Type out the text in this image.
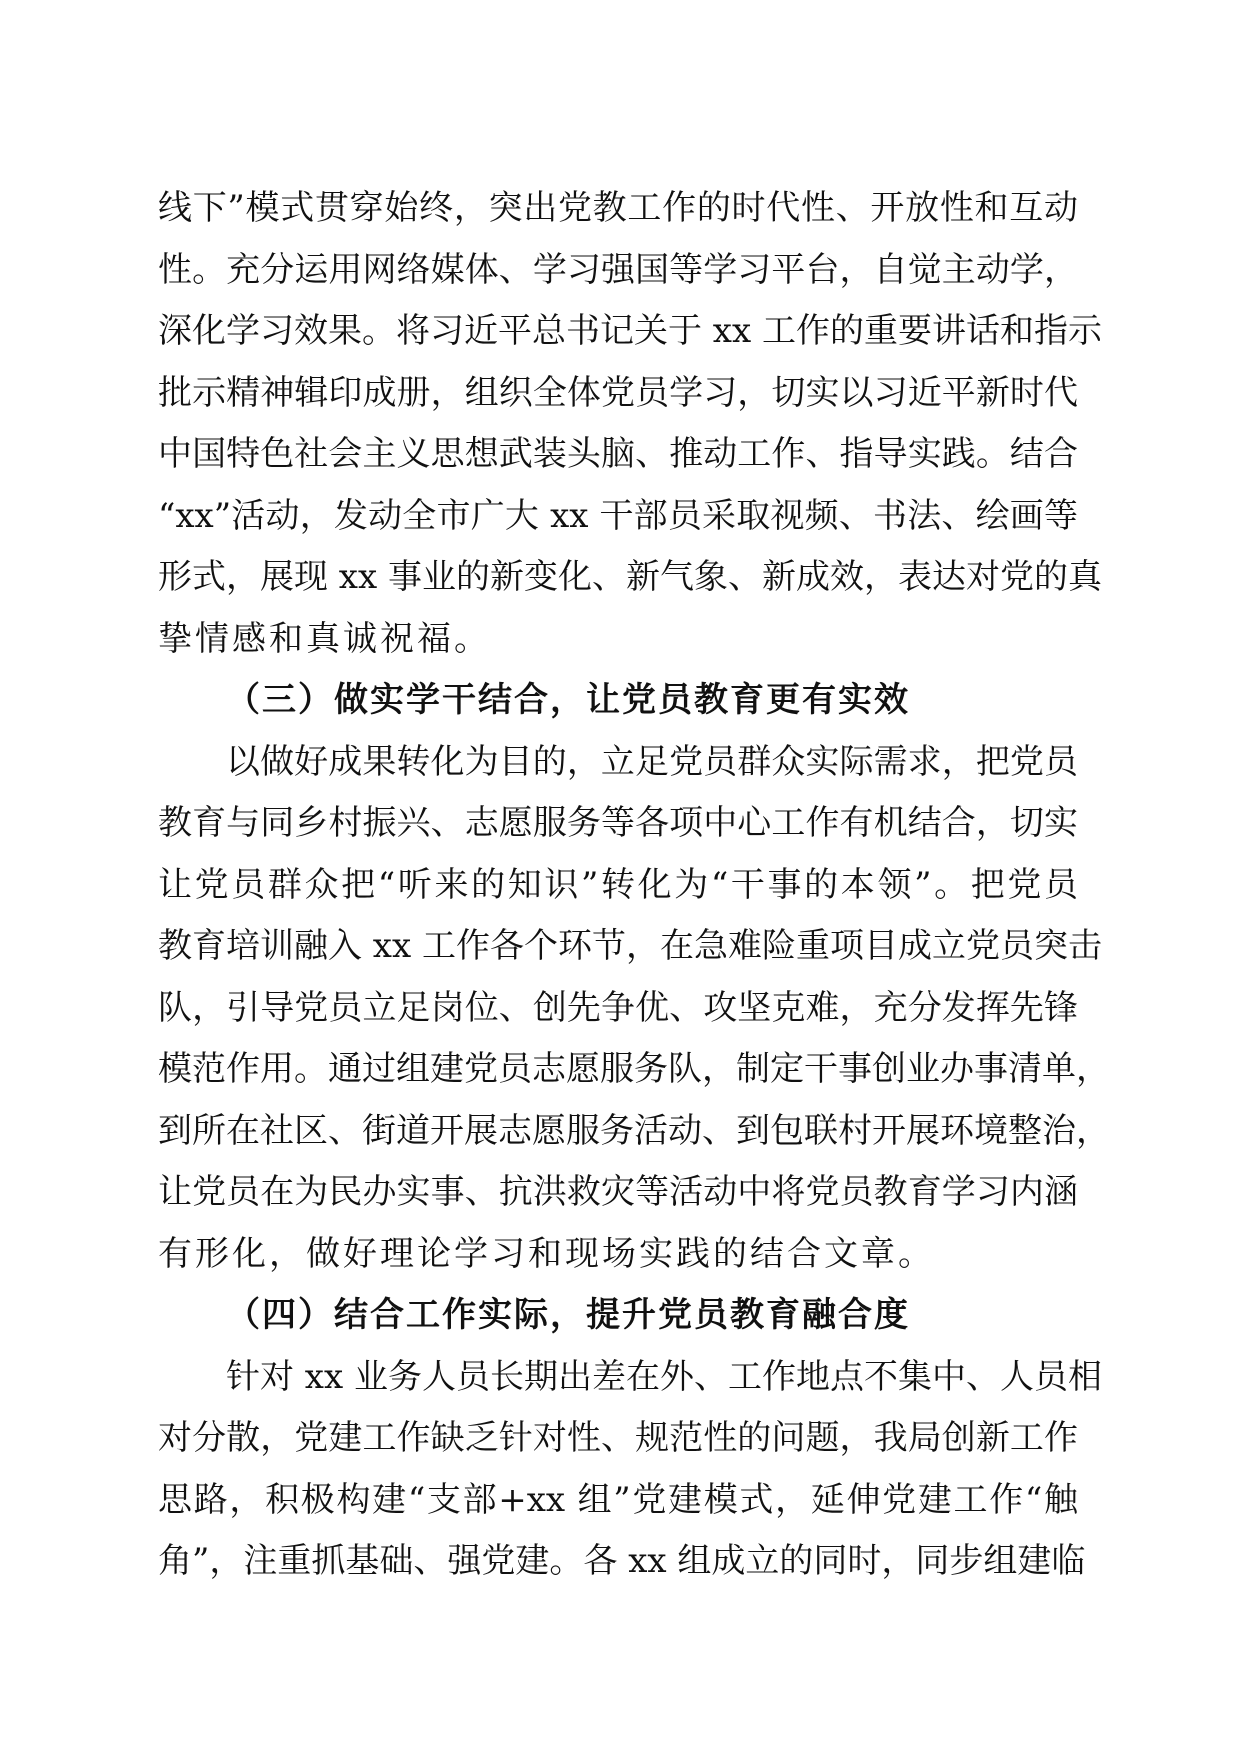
线下”模式贯穿始终，突出党教工作的时代性、开放性和互动
性。充分运用网络媒体、学习强国等学习平台，自觉主动学，
深化学习效果。将习近平总书记关于 xx 工作的重要讲话和指示
批示精神辑印成册，组织全体党员学习，切实以习近平新时代
中国特色社会主义思想武装头脑、推动工作、指导实践。结合
“xx”活动，发动全市广大 xx 干部员采取视频、书法、绘画等
形式，展现 xx 事业的新变化、新气象、新成效，表达对党的真
挚情感和真诚祝福。
（三）做实学干结合，让党员教育更有实效
以做好成果转化为目的，立足党员群众实际需求，把党员
教育与同乡村振兴、志愿服务等各项中心工作有机结合，切实
让党员群众把“听来的知识”转化为“干事的本领”。把党员
教育培训融入 xx 工作各个环节，在急难险重项目成立党员突击
队，引导党员立足岗位、创先争优、攻坚克难，充分发挥先锋
模范作用。通过组建党员志愿服务队，制定干事创业办事清单，
到所在社区、街道开展志愿服务活动、到包联村开展环境整治，
让党员在为民办实事、抗洪救灾等活动中将党员教育学习内涵
有形化，做好理论学习和现场实践的结合文章。
（四）结合工作实际，提升党员教育融合度
针对 xx 业务人员长期出差在外、工作地点不集中、人员相
对分散，党建工作缺乏针对性、规范性的问题，我局创新工作
思路，积极构建“支部+xx 组”党建模式，延伸党建工作“触
角”，注重抓基础、强党建。各 xx 组成立的同时，同步组建临
